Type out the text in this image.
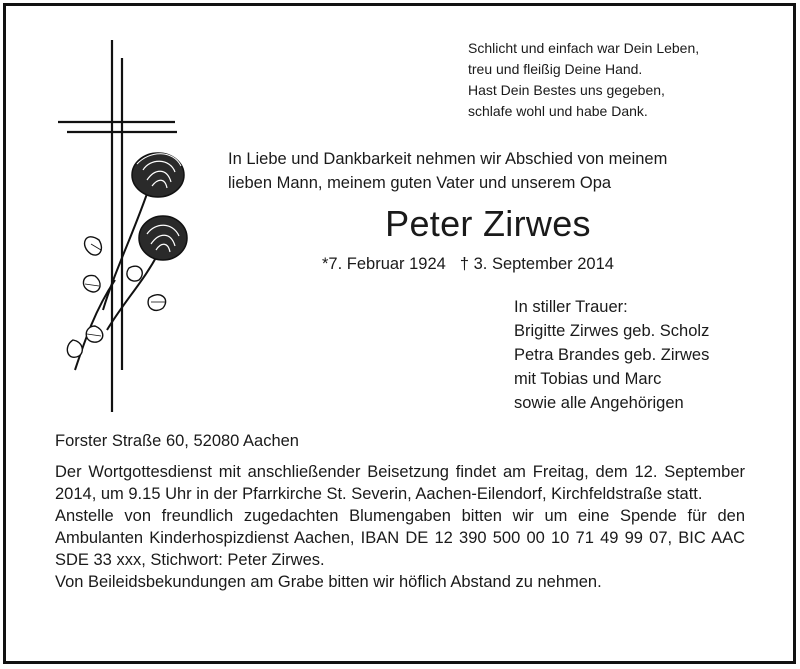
Schlicht und einfach war Dein Leben,
treu und fleißig Deine Hand.
Hast Dein Bestes uns gegeben,
schlafe wohl und habe Dank.
In Liebe und Dankbarkeit nehmen wir Abschied von meinem
lieben Mann, meinem guten Vater und unserem Opa
Peter Zirwes
*7. Februar 1924 † 3. September 2014
In stiller Trauer:
Brigitte Zirwes geb. Scholz
Petra Brandes geb. Zirwes
mit Tobias und Marc
sowie alle Angehörigen
Forster Straße 60, 52080 Aachen

Der Wortgottesdienst mit anschließender Beisetzung findet am Freitag, dem 12. September 2014, um 9.15 Uhr in der Pfarrkirche St. Severin, Aachen-Eilendorf, Kirchfeldstraße statt.

Anstelle von freundlich zugedachten Blumengaben bitten wir um eine Spende für den Ambulanten Kinderhospizdienst Aachen, IBAN DE 12 390 500 00 10 71 49 99 07, BIC AAC SDE 33 xxx, Stichwort: Peter Zirwes.

Von Beileidsbekundungen am Grabe bitten wir höflich Abstand zu nehmen.
